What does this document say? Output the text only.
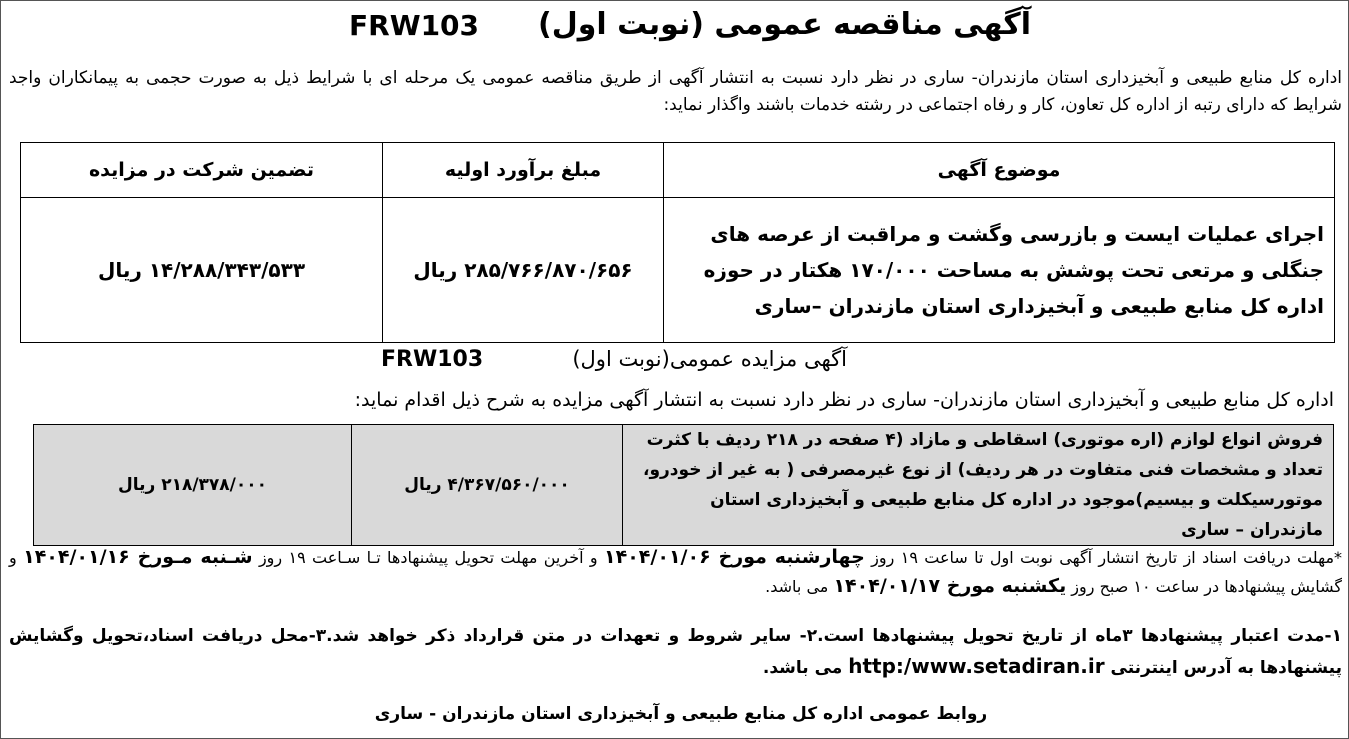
آگهی مناقصه عمومی (نوبت اول)
FRW103
اداره کل منابع طبیعی و آبخیزداری استان مازندران- ساری در نظر دارد نسبت به انتشار آگهی از طریق مناقصه عمومی یک مرحله ای با شرایط ذیل به صورت حجمی به پیمانکاران واجد شرایط که دارای رتبه از اداره کل تعاون، کار و رفاه اجتماعی در رشته خدمات باشند واگذار نماید:
موضوع آگهی	مبلغ برآورد اولیه	تضمین شرکت در مزایده
اجرای عملیات ایست و بازرسی وگشت و مراقبت از عرصه های جنگلی و مرتعی تحت پوشش به مساحت ۱۷۰/۰۰۰ هکتار در حوزه اداره کل منابع طبیعی و آبخیزداری استان مازندران –ساری	۲۸۵/۷۶۶/۸۷۰/۶۵۶ ریال	۱۴/۲۸۸/۳۴۳/۵۳۳ ریال
آگهی مزایده عمومی(نوبت اول)
FRW103
اداره کل منابع طبیعی و آبخیزداری استان مازندران- ساری در نظر دارد نسبت به انتشار آگهی مزایده به شرح ذیل اقدام نماید:
فروش انواع لوازم (اره موتوری) اسقاطی و مازاد (۴ صفحه در ۲۱۸ ردیف با کثرت تعداد و مشخصات فنی متفاوت در هر ردیف) از نوع غیرمصرفی ( به غیر از خودرو، موتورسیکلت و بیسیم)موجود در اداره کل منابع طبیعی و آبخیزداری استان مازندران – ساری	۴/۳۶۷/۵۶۰/۰۰۰ ریال	۲۱۸/۳۷۸/۰۰۰ ریال
*مهلت دریافت اسناد از تاریخ انتشار آگهی نوبت اول تا ساعت ۱۹ روز چهارشنبه مورخ ۱۴۰۴/۰۱/۰۶ و آخرین مهلت تحویل پیشنهادها تـا سـاعت ۱۹ روز شـنبه مـورخ ۱۴۰۴/۰۱/۱۶ و گشایش پیشنهادها در ساعت ۱۰ صبح روز یکشنبه مورخ ۱۴۰۴/۰۱/۱۷ می باشد.
۱-مدت اعتبار پیشنهادها ۳ماه از تاریخ تحویل پیشنهادها است.۲- سایر شروط و تعهدات در متن قرارداد ذکر خواهد شد.۳-محل دریافت اسناد،تحویل وگشایش پیشنهادها به آدرس اینترنتی http:/www.setadiran.ir می باشد.
روابط عمومی اداره کل منابع طبیعی و آبخیزداری استان مازندران - ساری
